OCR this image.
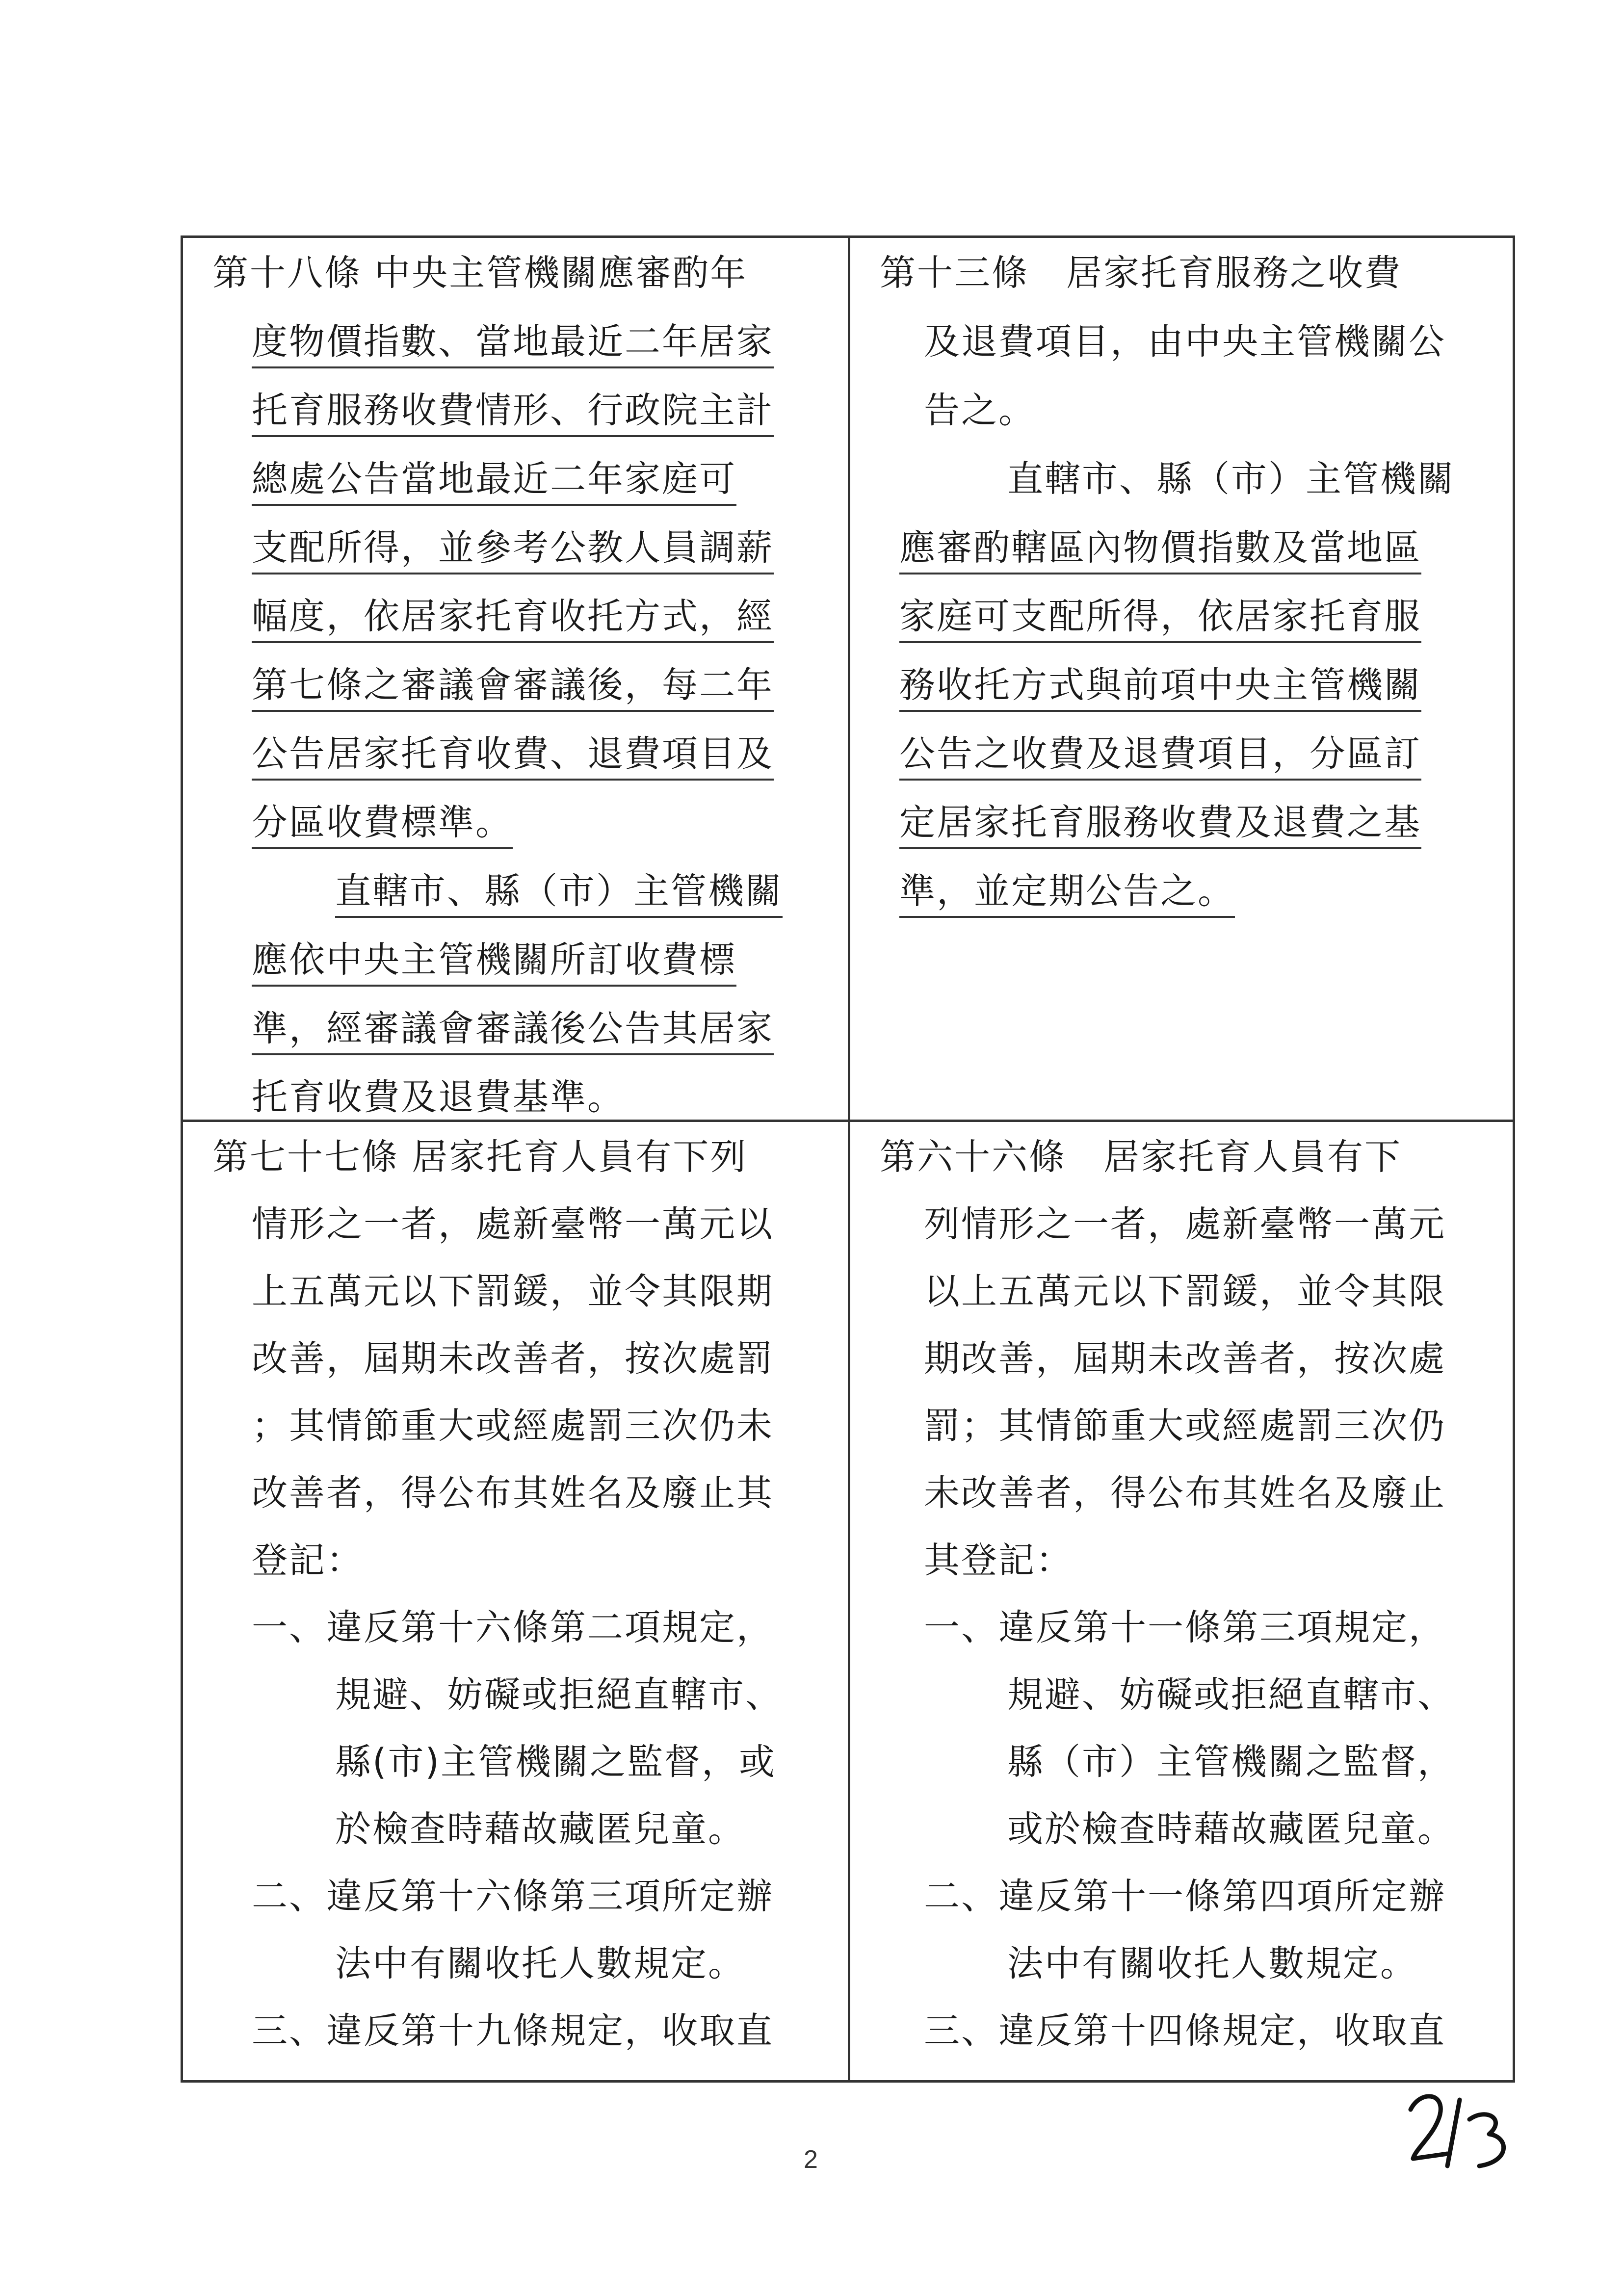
第十八條 中央主管機關應審酌年
度物價指數、當地最近二年居家
托育服務收費情形、行政院主計
總處公告當地最近二年家庭可
支配所得，並參考公教人員調薪
幅度，依居家托育收托方式，經
第七條之審議會審議後，每二年
公告居家托育收費、退費項目及
分區收費標準。
直轄市、縣（市）主管機關
應依中央主管機關所訂收費標
準，經審議會審議後公告其居家
托育收費及退費基準。
第十三條　居家托育服務之收費
及退費項目，由中央主管機關公
告之。
直轄市、縣（市）主管機關
應審酌轄區內物價指數及當地區
家庭可支配所得，依居家托育服
務收托方式與前項中央主管機關
公告之收費及退費項目，分區訂
定居家托育服務收費及退費之基
準，並定期公告之。
第七十七條 居家托育人員有下列
情形之一者，處新臺幣一萬元以
上五萬元以下罰鍰，並令其限期
改善，屆期未改善者，按次處罰
；其情節重大或經處罰三次仍未
改善者，得公布其姓名及廢止其
登記：
一、違反第十六條第二項規定，
規避、妨礙或拒絕直轄市、
縣(市)主管機關之監督，或
於檢查時藉故藏匿兒童。
二、違反第十六條第三項所定辦
法中有關收托人數規定。
三、違反第十九條規定，收取直
第六十六條　居家托育人員有下
列情形之一者，處新臺幣一萬元
以上五萬元以下罰鍰，並令其限
期改善，屆期未改善者，按次處
罰；其情節重大或經處罰三次仍
未改善者，得公布其姓名及廢止
其登記：
一、違反第十一條第三項規定，
規避、妨礙或拒絕直轄市、
縣（市）主管機關之監督，
或於檢查時藉故藏匿兒童。
二、違反第十一條第四項所定辦
法中有關收托人數規定。
三、違反第十四條規定，收取直
2
